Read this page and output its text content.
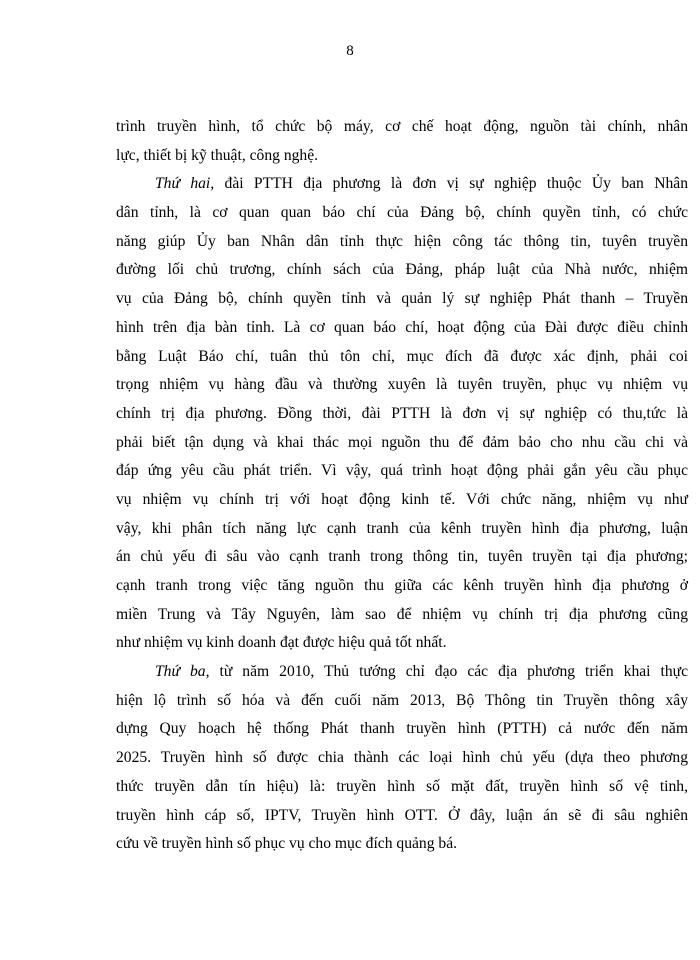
8
trình truyền hình, tổ chức bộ máy, cơ chế hoạt động, nguồn tài chính, nhân
lực, thiết bị kỹ thuật, công nghệ.
Thứ hai, đài PTTH địa phương là đơn vị sự nghiệp thuộc Ủy ban Nhân
dân tỉnh, là cơ quan quan báo chí của Đảng bộ, chính quyền tỉnh, có chức
năng giúp Ủy ban Nhân dân tỉnh thực hiện công tác thông tin, tuyên truyền
đường lối chủ trương, chính sách của Đảng, pháp luật của Nhà nước, nhiệm
vụ của Đảng bộ, chính quyền tỉnh và quản lý sự nghiệp Phát thanh – Truyền
hình trên địa bàn tỉnh. Là cơ quan báo chí, hoạt động của Đài được điều chỉnh
bằng Luật Báo chí, tuân thủ tôn chỉ, mục đích đã được xác định, phải coi
trọng nhiệm vụ hàng đầu và thường xuyên là tuyên truyền, phục vụ nhiệm vụ
chính trị địa phương. Đồng thời, đài PTTH là đơn vị sự nghiệp có thu,tức là
phải biết tận dụng và khai thác mọi nguồn thu để đảm bảo cho nhu cầu chi và
đáp ứng yêu cầu phát triển. Vì vậy, quá trình hoạt động phải gắn yêu cầu phục
vụ nhiệm vụ chính trị với hoạt động kinh tế. Với chức năng, nhiệm vụ như
vậy, khi phân tích năng lực cạnh tranh của kênh truyền hình địa phương, luận
án chủ yếu đi sâu vào cạnh tranh trong thông tin, tuyên truyền tại địa phương;
cạnh tranh trong việc tăng nguồn thu giữa các kênh truyền hình địa phương ở
miền Trung và Tây Nguyên, làm sao để nhiệm vụ chính trị địa phương cũng
như nhiệm vụ kinh doanh đạt được hiệu quả tốt nhất.
Thứ ba, từ năm 2010, Thủ tướng chỉ đạo các địa phương triển khai thực
hiện lộ trình số hóa và đến cuối năm 2013, Bộ Thông tin Truyền thông xây
dựng Quy hoạch hệ thống Phát thanh truyền hình (PTTH) cả nước đến năm
2025. Truyền hình số được chia thành các loại hình chủ yếu (dựa theo phương
thức truyền dẫn tín hiệu) là: truyền hình số mặt đất, truyền hình số vệ tinh,
truyền hình cáp số, IPTV, Truyền hình OTT. Ở đây, luận án sẽ đi sâu nghiên
cứu về truyền hình số phục vụ cho mục đích quảng bá.
